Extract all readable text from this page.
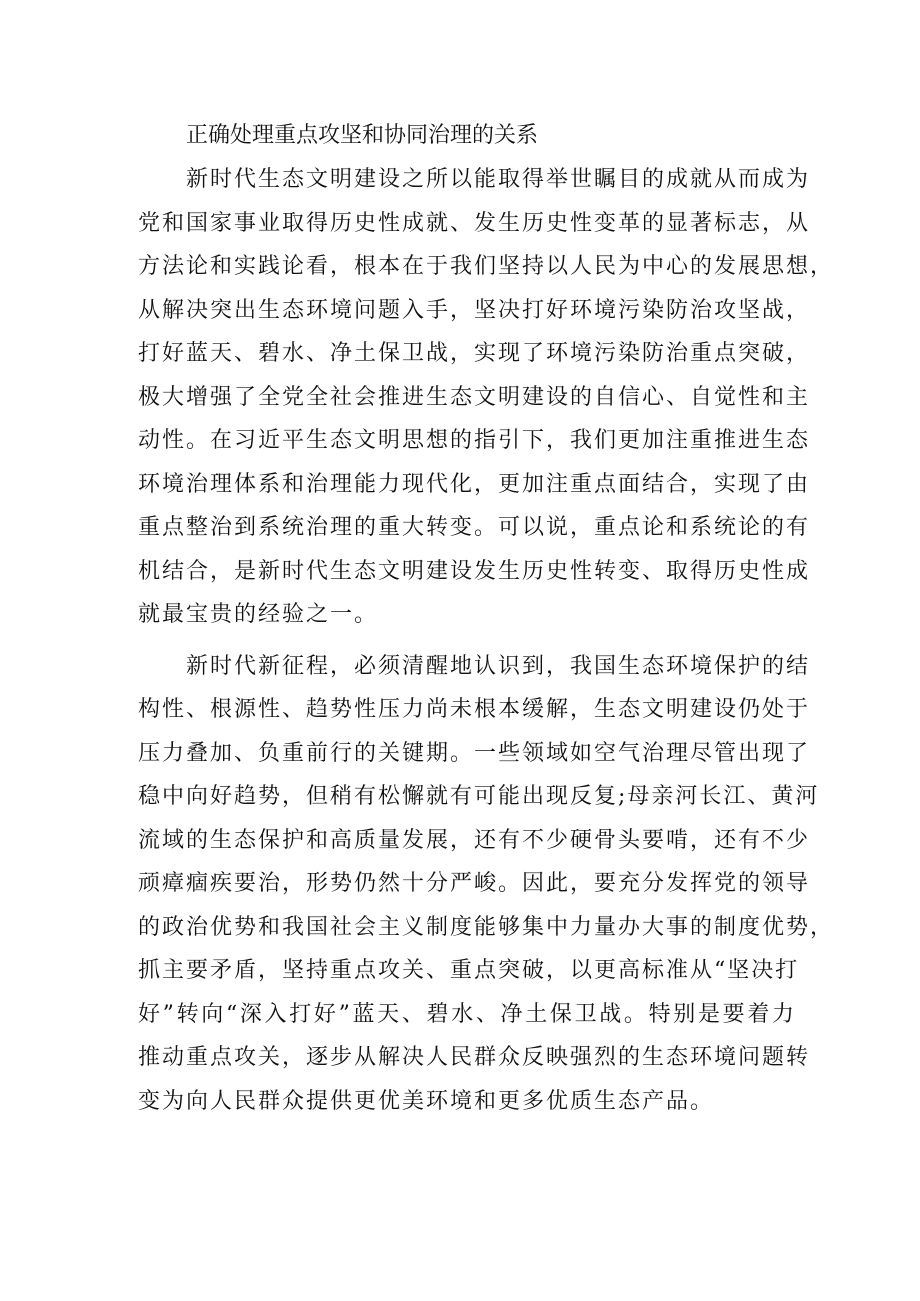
正确处理重点攻坚和协同治理的关系
新时代生态文明建设之所以能取得举世瞩目的成就从而成为
党和国家事业取得历史性成就、发生历史性变革的显著标志，从
方法论和实践论看，根本在于我们坚持以人民为中心的发展思想，
从解决突出生态环境问题入手，坚决打好环境污染防治攻坚战，
打好蓝天、碧水、净土保卫战，实现了环境污染防治重点突破，
极大增强了全党全社会推进生态文明建设的自信心、自觉性和主
动性。在习近平生态文明思想的指引下，我们更加注重推进生态
环境治理体系和治理能力现代化，更加注重点面结合，实现了由
重点整治到系统治理的重大转变。可以说，重点论和系统论的有
机结合，是新时代生态文明建设发生历史性转变、取得历史性成
就最宝贵的经验之一。
新时代新征程，必须清醒地认识到，我国生态环境保护的结
构性、根源性、趋势性压力尚未根本缓解，生态文明建设仍处于
压力叠加、负重前行的关键期。一些领域如空气治理尽管出现了
稳中向好趋势，但稍有松懈就有可能出现反复;母亲河长江、黄河
流域的生态保护和高质量发展，还有不少硬骨头要啃，还有不少
顽瘴痼疾要治，形势仍然十分严峻。因此，要充分发挥党的领导
的政治优势和我国社会主义制度能够集中力量办大事的制度优势，
抓主要矛盾，坚持重点攻关、重点突破，以更高标准从“坚决打
好”转向“深入打好”蓝天、碧水、净土保卫战。特别是要着力
推动重点攻关，逐步从解决人民群众反映强烈的生态环境问题转
变为向人民群众提供更优美环境和更多优质生态产品。
